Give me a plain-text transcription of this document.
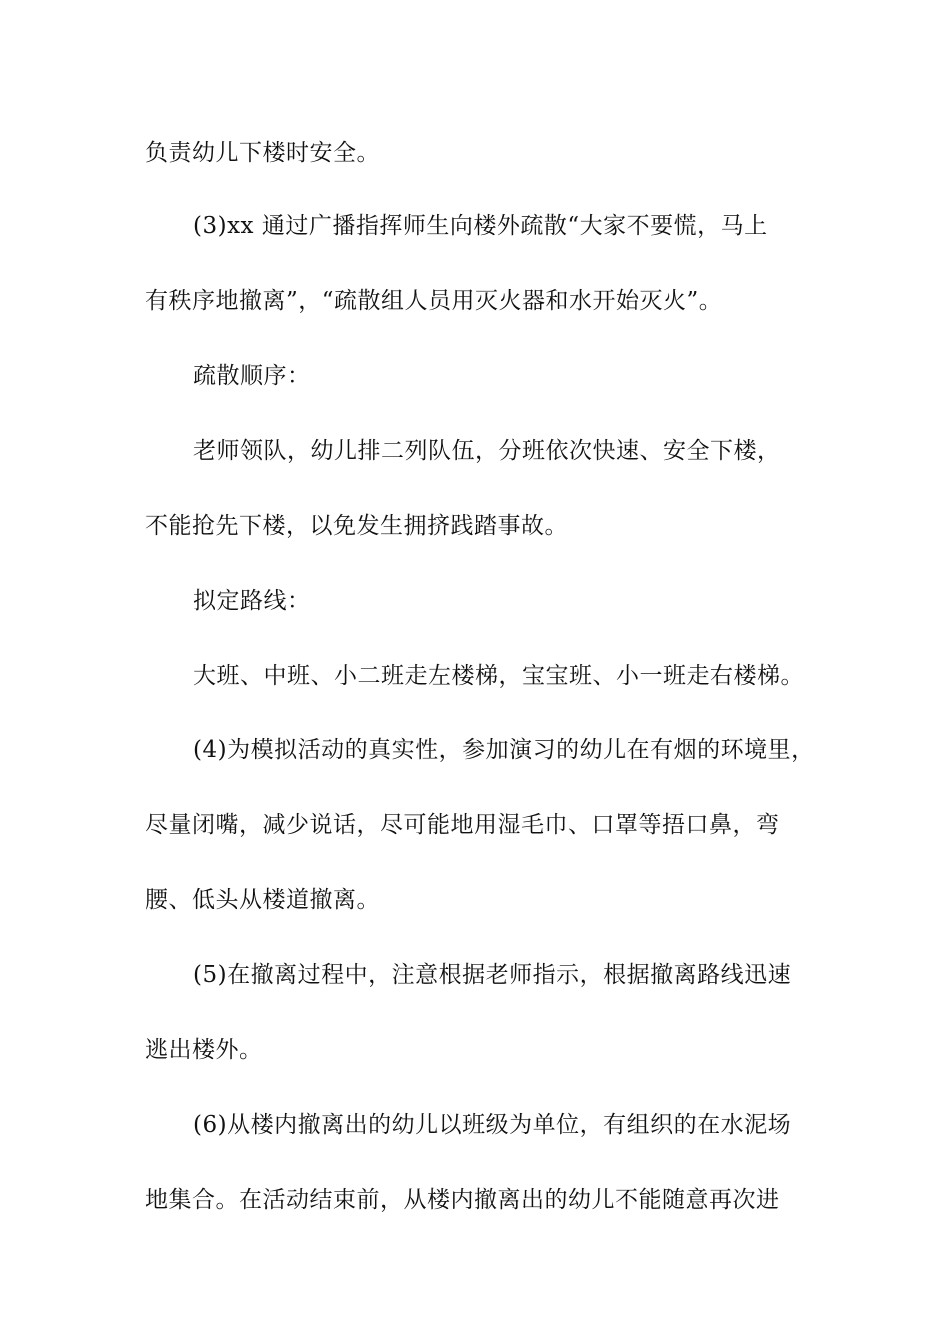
负责幼儿下楼时安全。
(3)xx 通过广播指挥师生向楼外疏散“大家不要慌，马上
有秩序地撤离”，“疏散组人员用灭火器和水开始灭火”。
疏散顺序：
老师领队，幼儿排二列队伍，分班依次快速、安全下楼，
不能抢先下楼，以免发生拥挤践踏事故。
拟定路线：
大班、中班、小二班走左楼梯，宝宝班、小一班走右楼梯。
(4)为模拟活动的真实性，参加演习的幼儿在有烟的环境里，
尽量闭嘴，减少说话，尽可能地用湿毛巾、口罩等捂口鼻，弯
腰、低头从楼道撤离。
(5)在撤离过程中，注意根据老师指示，根据撤离路线迅速
逃出楼外。
(6)从楼内撤离出的幼儿以班级为单位，有组织的在水泥场
地集合。在活动结束前，从楼内撤离出的幼儿不能随意再次进
